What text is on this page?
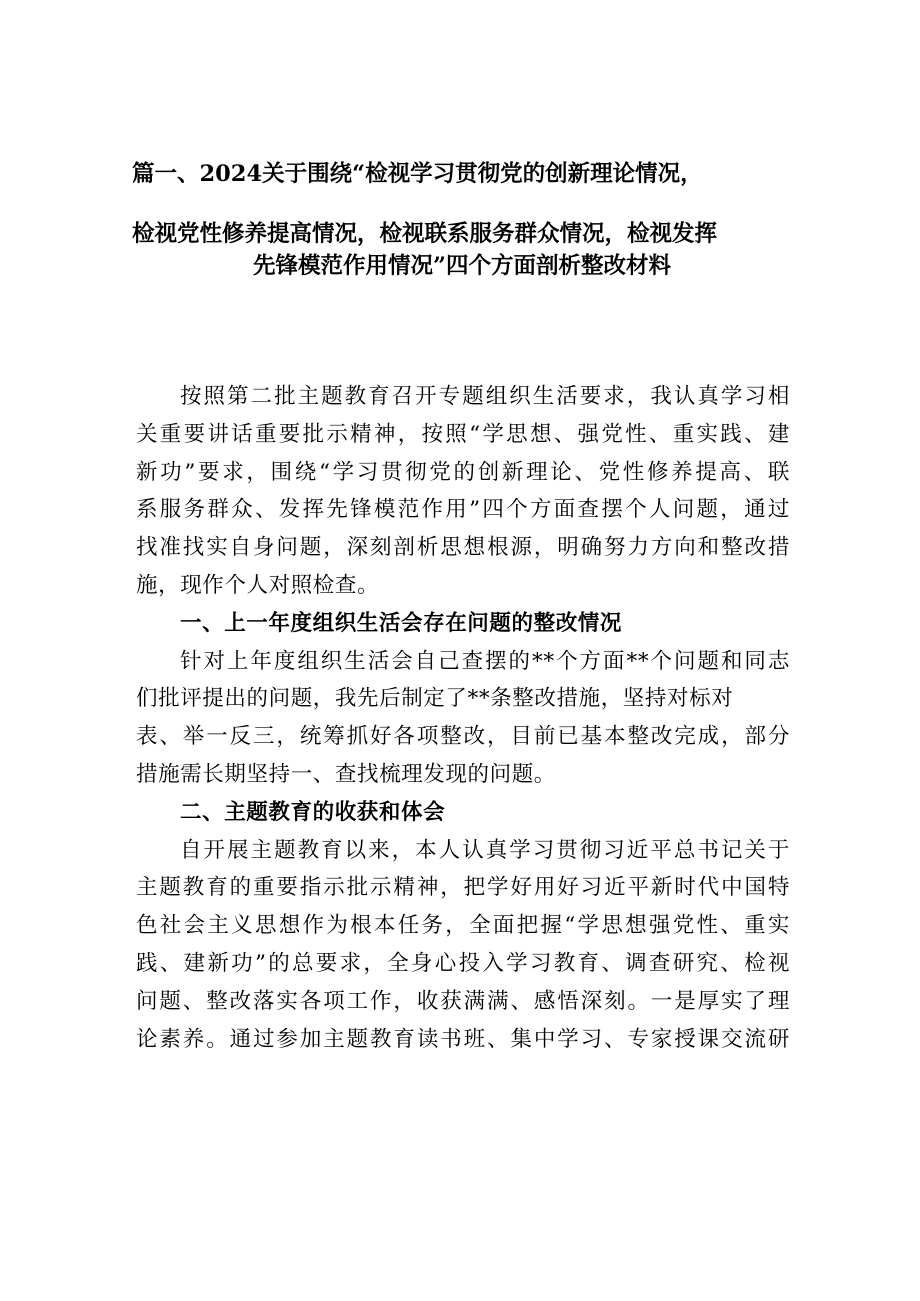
篇一、2024关于围绕“检视学习贯彻党的创新理论情况，
检视党性修养提高情况，检视联系服务群众情况，检视发挥
先锋模范作用情况”四个方面剖析整改材料
按照第二批主题教育召开专题组织生活要求，我认真学习相
关重要讲话重要批示精神，按照“学思想、强党性、重实践、建
新功”要求，围绕“学习贯彻党的创新理论、党性修养提高、联
系服务群众、发挥先锋模范作用”四个方面查摆个人问题，通过
找准找实自身问题，深刻剖析思想根源，明确努力方向和整改措
施，现作个人对照检查。
一、上一年度组织生活会存在问题的整改情况
针对上年度组织生活会自己查摆的**个方面**个问题和同志
们批评提出的问题，我先后制定了**条整改措施，坚持对标对
表、举一反三，统筹抓好各项整改，目前已基本整改完成，部分
措施需长期坚持一、查找梳理发现的问题。
二、主题教育的收获和体会
自开展主题教育以来，本人认真学习贯彻习近平总书记关于
主题教育的重要指示批示精神，把学好用好习近平新时代中国特
色社会主义思想作为根本任务，全面把握“学思想强党性、重实
践、建新功”的总要求，全身心投入学习教育、调查研究、检视
问题、整改落实各项工作，收获满满、感悟深刻。一是厚实了理
论素养。通过参加主题教育读书班、集中学习、专家授课交流研
